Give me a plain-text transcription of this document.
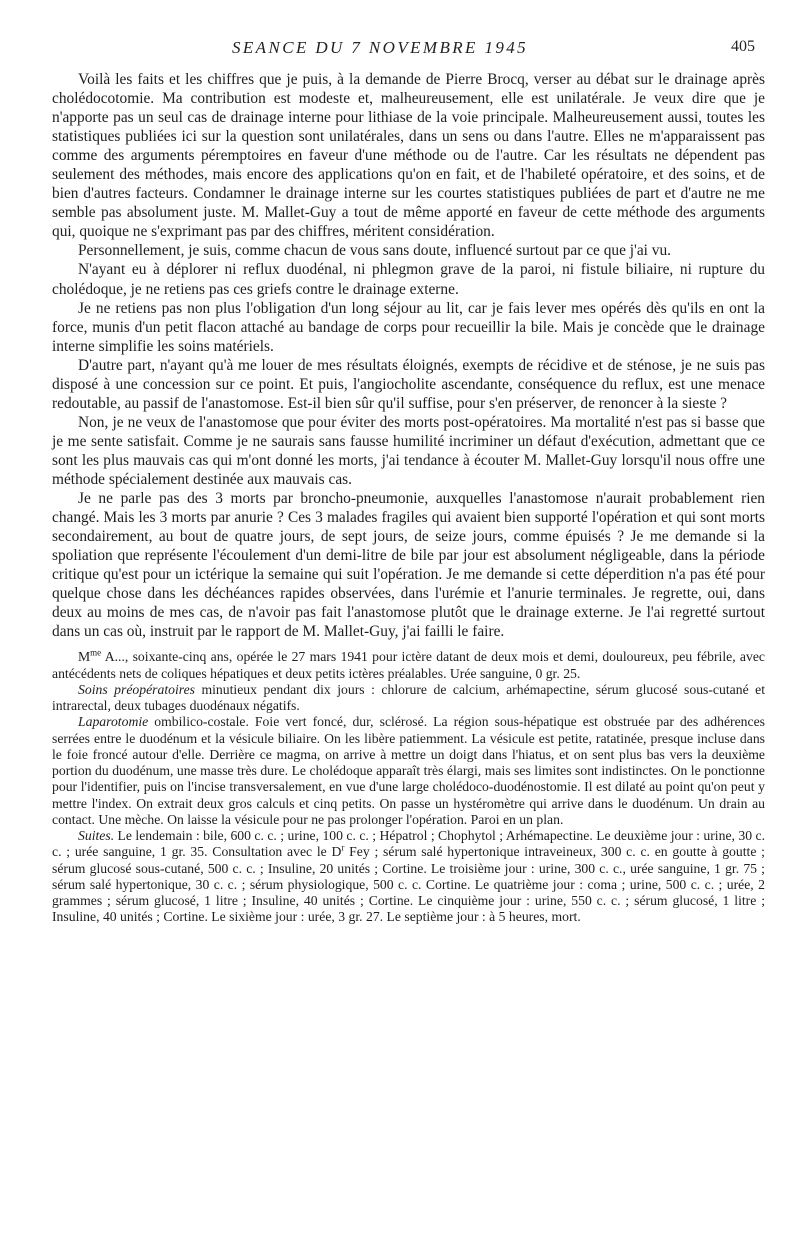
SEANCE DU 7 NOVEMBRE 1945	405

Voilà les faits et les chiffres que je puis, à la demande de Pierre Brocq, verser au débat sur le drainage après cholédocotomie. Ma contribution est modeste et, malheureusement, elle est unilatérale. Je veux dire que je n'apporte pas un seul cas de drainage interne pour lithiase de la voie principale. Malheureusement aussi, toutes les statistiques publiées ici sur la question sont unilatérales, dans un sens ou dans l'autre. Elles ne m'apparaissent pas comme des arguments péremptoires en faveur d'une méthode ou de l'autre. Car les résultats ne dépendent pas seulement des méthodes, mais encore des applications qu'on en fait, et de l'habileté opératoire, et des soins, et de bien d'autres facteurs. Condamner le drainage interne sur les courtes statistiques publiées de part et d'autre ne me semble pas absolument juste. M. Mallet-Guy a tout de même apporté en faveur de cette méthode des arguments qui, quoique ne s'exprimant pas par des chiffres, méritent considération.

Personnellement, je suis, comme chacun de vous sans doute, influencé surtout par ce que j'ai vu.

N'ayant eu à déplorer ni reflux duodénal, ni phlegmon grave de la paroi, ni fistule biliaire, ni rupture du cholédoque, je ne retiens pas ces griefs contre le drainage externe.

Je ne retiens pas non plus l'obligation d'un long séjour au lit, car je fais lever mes opérés dès qu'ils en ont la force, munis d'un petit flacon attaché au bandage de corps pour recueillir la bile. Mais je concède que le drainage interne simplifie les soins matériels.

D'autre part, n'ayant qu'à me louer de mes résultats éloignés, exempts de récidive et de sténose, je ne suis pas disposé à une concession sur ce point. Et puis, l'angiocholite ascendante, conséquence du reflux, est une menace redoutable, au passif de l'anastomose. Est-il bien sûr qu'il suffise, pour s'en préserver, de renoncer à la sieste ?

Non, je ne veux de l'anastomose que pour éviter des morts post-opératoires. Ma mortalité n'est pas si basse que je me sente satisfait. Comme je ne saurais sans fausse humilité incriminer un défaut d'exécution, admettant que ce sont les plus mauvais cas qui m'ont donné les morts, j'ai tendance à écouter M. Mallet-Guy lorsqu'il nous offre une méthode spécialement destinée aux mauvais cas.

Je ne parle pas des 3 morts par broncho-pneumonie, auxquelles l'anastomose n'aurait probablement rien changé. Mais les 3 morts par anurie ? Ces 3 malades fragiles qui avaient bien supporté l'opération et qui sont morts secondairement, au bout de quatre jours, de sept jours, de seize jours, comme épuisés ? Je me demande si la spoliation que représente l'écoulement d'un demi-litre de bile par jour est absolument négligeable, dans la période critique qu'est pour un ictérique la semaine qui suit l'opération. Je me demande si cette déperdition n'a pas été pour quelque chose dans les déchéances rapides observées, dans l'urémie et l'anurie terminales. Je regrette, oui, dans deux au moins de mes cas, de n'avoir pas fait l'anastomose plutôt que le drainage externe. Je l'ai regretté surtout dans un cas où, instruit par le rapport de M. Mallet-Guy, j'ai failli le faire.

$M^{me}$ A..., soixante-cinq ans, opérée le 27 mars 1941 pour ictère datant de deux mois et demi, douloureux, peu fébrile, avec antécédents nets de coliques hépatiques et deux petits ictères préalables. Urée sanguine, 0 gr. 25.

Soins préopératoires minutieux pendant dix jours : chlorure de calcium, arhémapectine, sérum glucosé sous-cutané et intrarectal, deux tubages duodénaux négatifs.

Laparotomie ombilico-costale. Foie vert foncé, dur, sclérosé. La région sous-hépatique est obstruée par des adhérences serrées entre le duodénum et la vésicule biliaire. On les libère patiemment. La vésicule est petite, ratatinée, presque incluse dans le foie froncé autour d'elle. Derrière ce magma, on arrive à mettre un doigt dans l'hiatus, et on sent plus bas vers la deuxième portion du duodénum, une masse très dure. Le cholédoque apparaît très élargi, mais ses limites sont indistinctes. On le ponctionne pour l'identifier, puis on l'incise transversalement, en vue d'une large cholédoco-duodénostomie. Il est dilaté au point qu'on peut y mettre l'index. On extrait deux gros calculs et cinq petits. On passe un hystéromètre qui arrive dans le duodénum. Un drain au contact. Une mèche. On laisse la vésicule pour ne pas prolonger l'opération. Paroi en un plan.

Suites. Le lendemain : bile, 600 c. c. ; urine, 100 c. c. ; Hépatrol ; Chophytol ; Arhémapectine. Le deuxième jour : urine, 30 c. c. ; urée sanguine, 1 gr. 35. Consultation avec le $D^r$ Fey ; sérum salé hypertonique intraveineux, 300 c. c. en goutte à goutte ; sérum glucosé sous-cutané, 500 c. c. ; Insuline, 20 unités ; Cortine. Le troisième jour : urine, 300 c. c., urée sanguine, 1 gr. 75 ; sérum salé hypertonique, 30 c. c. ; sérum physiologique, 500 c. c. Cortine. Le quatrième jour : coma ; urine, 500 c. c. ; urée, 2 grammes ; sérum glucosé, 1 litre ; Insuline, 40 unités ; Cortine. Le cinquième jour : urine, 550 c. c. ; sérum glucosé, 1 litre ; Insuline, 40 unités ; Cortine. Le sixième jour : urée, 3 gr. 27. Le septième jour : à 5 heures, mort.
